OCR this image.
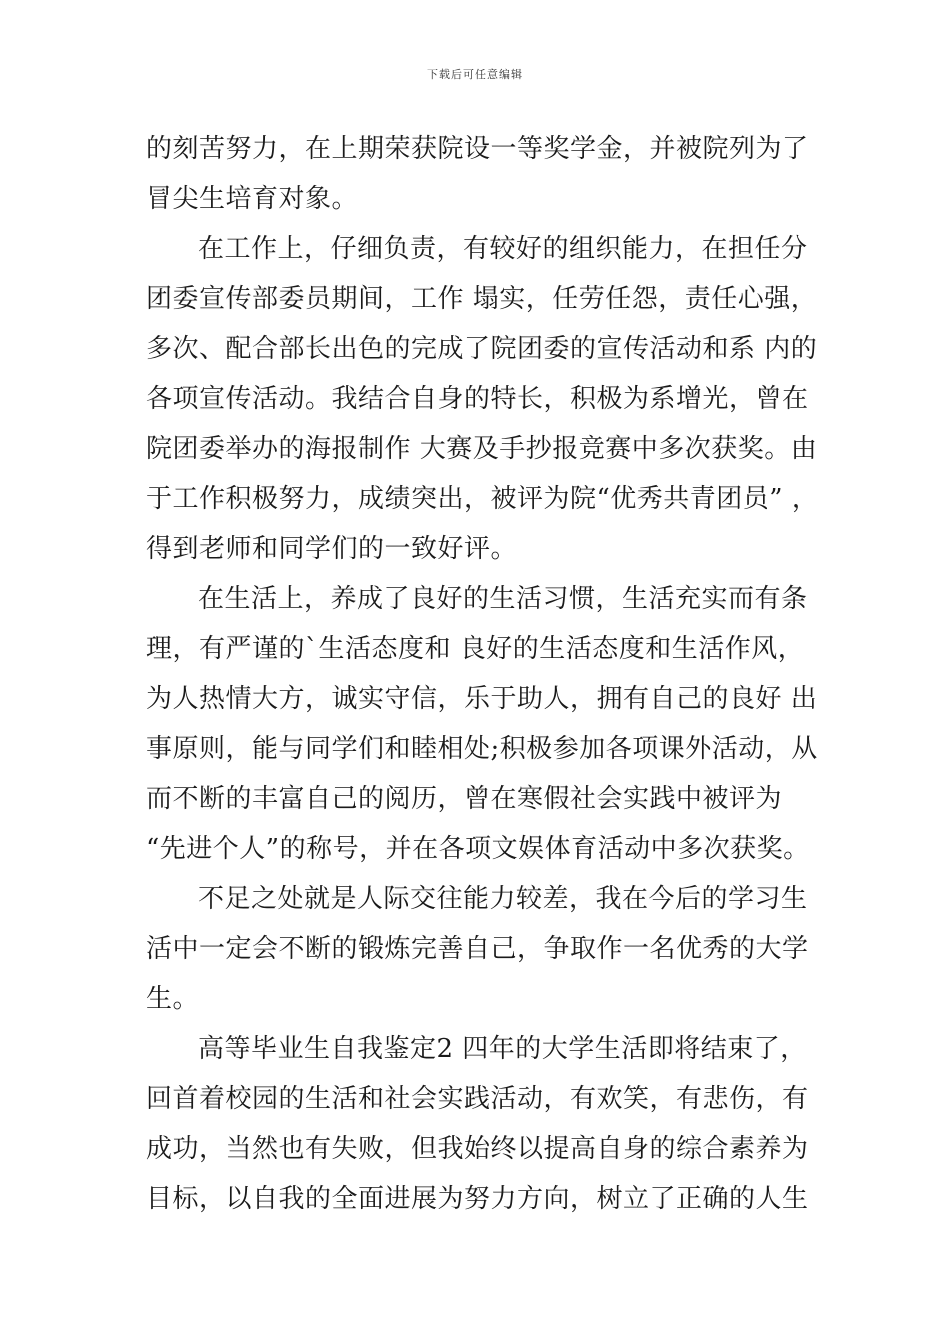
下载后可任意编辑
的刻苦努力，在上期荣获院设一等奖学金，并被院列为了
冒尖生培育对象。
在工作上，仔细负责，有较好的组织能力，在担任分
团委宣传部委员期间，工作 塌实，任劳任怨，责任心强，
多次、配合部长出色的完成了院团委的宣传活动和系 内的
各项宣传活动。我结合自身的特长，积极为系增光，曾在
院团委举办的海报制作 大赛及手抄报竞赛中多次获奖。由
于工作积极努力，成绩突出，被评为院“优秀共青团员” ，
得到老师和同学们的一致好评。
在生活上，养成了良好的生活习惯，生活充实而有条
理，有严谨的`生活态度和 良好的生活态度和生活作风，
为人热情大方，诚实守信，乐于助人，拥有自己的良好 出
事原则，能与同学们和睦相处;积极参加各项课外活动，从
而不断的丰富自己的阅历，曾在寒假社会实践中被评为
“先进个人”的称号，并在各项文娱体育活动中多次获奖。
不足之处就是人际交往能力较差，我在今后的学习生
活中一定会不断的锻炼完善自己，争取作一名优秀的大学
生。
高等毕业生自我鉴定2 四年的大学生活即将结束了，
回首着校园的生活和社会实践活动，有欢笑，有悲伤，有
成功，当然也有失败，但我始终以提高自身的综合素养为
目标，以自我的全面进展为努力方向，树立了正确的人生
